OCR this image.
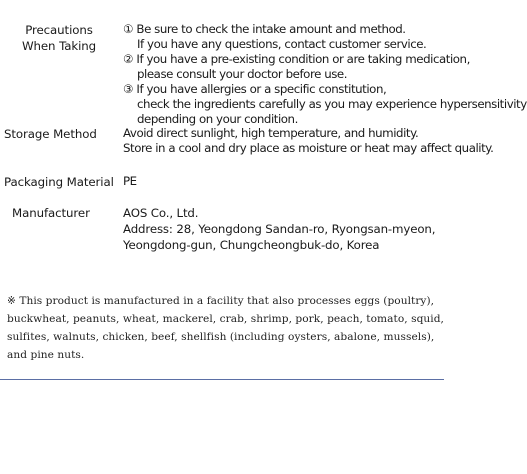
Precautions
When Taking
① Be sure to check the intake amount and method.
If you have any questions, contact customer service.
② If you have a pre-existing condition or are taking medication,
please consult your doctor before use.
③ If you have allergies or a specific constitution,
check the ingredients carefully as you may experience hypersensitivity
depending on your condition.
Storage Method	Avoid direct sunlight, high temperature, and humidity.
Store in a cool and dry place as moisture or heat may affect quality.
Packaging Material PE
Manufacturer	AOS Co., Ltd.
Address: 28, Yeongdong Sandan-ro, Ryongsan-myeon,
Yeongdong-gun, Chungcheongbuk-do, Korea
※ This product is manufactured in a facility that also processes eggs (poultry),
buckwheat, peanuts, wheat, mackerel, crab, shrimp, pork, peach, tomato, squid,
sulfites, walnuts, chicken, beef, shellfish (including oysters, abalone, mussels),
and pine nuts.
